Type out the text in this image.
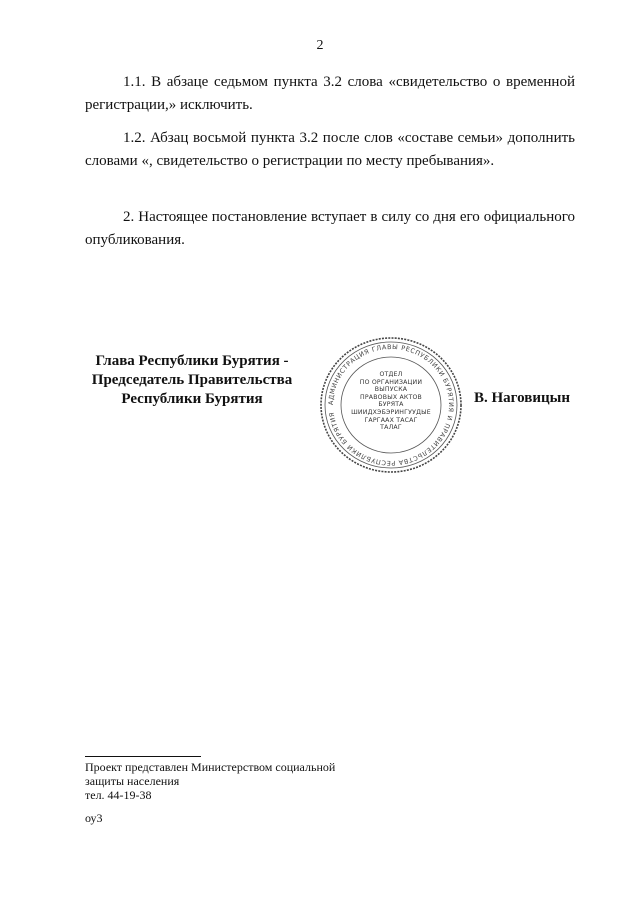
2

1.1. В абзаце седьмом пункта 3.2 слова «свидетельство о временной регистрации,» исключить.

1.2. Абзац восьмой пункта 3.2 после слов «составе семьи» дополнить словами «, свидетельство о регистрации по месту пребывания».

2. Настоящее постановление вступает в силу со дня его официального опубликования.

Глава Республики Бурятия -
Председатель Правительства
Республики Бурятия	АДМИНИСТРАЦИЯ ГЛАВЫ РЕСПУБЛИКИ БУРЯТИЯ И ПРАВИТЕЛЬСТВА РЕСПУБЛИКИ БУРЯТИЯ
ОТДЕЛ
ПО ОРГАНИЗАЦИИ
ВЫПУСКА
ПРАВОВЫХ АКТОВ
БУРЯТА
ШИИДХЭБЭРИНГУУДЫЕ
ГАРГААХ ТАСАГ
ТАЛАГ
В. Наговицын
Проект представлен Министерством социальной
защиты населения
тел. 44-19-38
оу3
